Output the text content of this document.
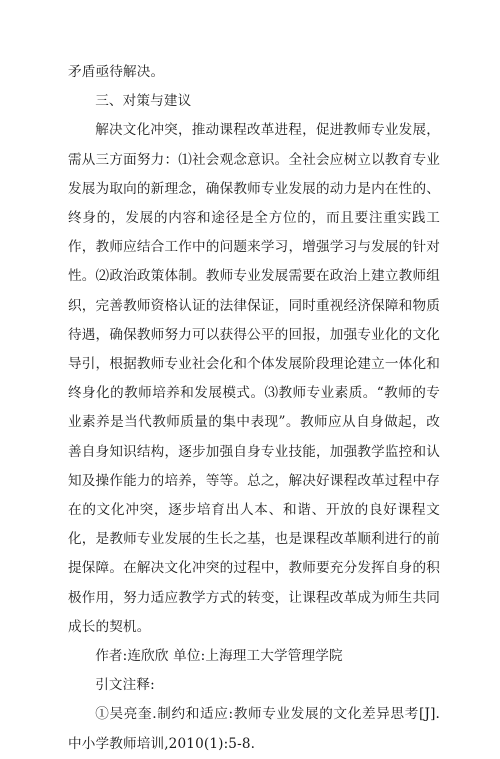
矛盾亟待解决。

三、对策与建议

解决文化冲突，推动课程改革进程，促进教师专业发展，需从三方面努力：⑴社会观念意识。全社会应树立以教育专业发展为取向的新理念，确保教师专业发展的动力是内在性的、终身的，发展的内容和途径是全方位的，而且要注重实践工作，教师应结合工作中的问题来学习，增强学习与发展的针对性。⑵政治政策体制。教师专业发展需要在政治上建立教师组织，完善教师资格认证的法律保证，同时重视经济保障和物质待遇，确保教师努力可以获得公平的回报，加强专业化的文化导引，根据教师专业社会化和个体发展阶段理论建立一体化和终身化的教师培养和发展模式。⑶教师专业素质。“教师的专业素养是当代教师质量的集中表现”。教师应从自身做起，改善自身知识结构，逐步加强自身专业技能，加强教学监控和认知及操作能力的培养，等等。总之，解决好课程改革过程中存在的文化冲突，逐步培育出人本、和谐、开放的良好课程文化，是教师专业发展的生长之基，也是课程改革顺利进行的前提保障。在解决文化冲突的过程中，教师要充分发挥自身的积极作用，努力适应教学方式的转变，让课程改革成为师生共同成长的契机。

作者:连欣欣 单位:上海理工大学管理学院

引文注释:

①吴亮奎.制约和适应:教师专业发展的文化差异思考[J].中小学教师培训,2010(1):5-8.
